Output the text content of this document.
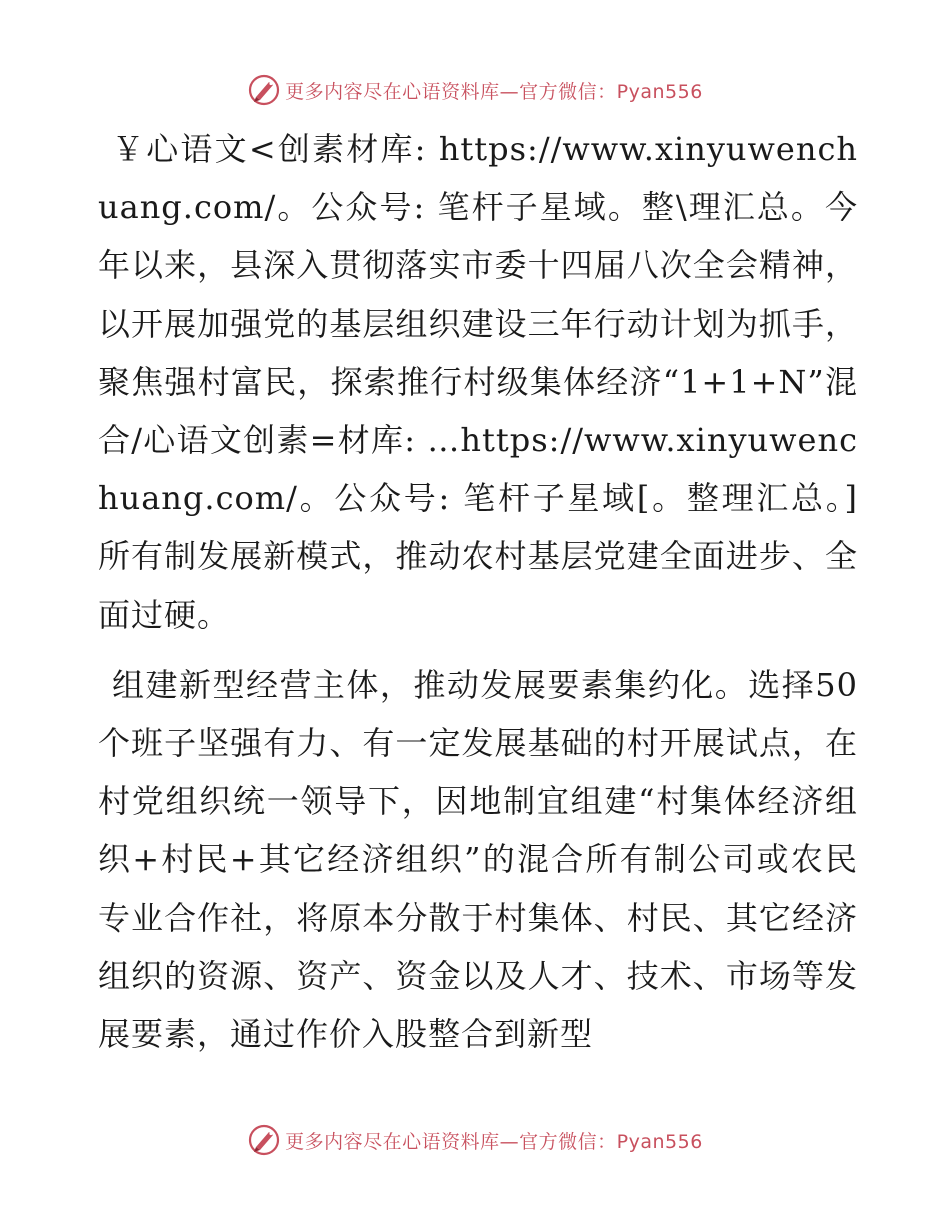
更多内容尽在心语资料库—官方微信：Pyan556

￥心语文<创素材库: https://www.xinyuwenchuang.com/。公众号: 笔杆子星域。整\理汇总。今年以来，县深入贯彻落实市委十四届八次全会精神，以开展加强党的基层组织建设三年行动计划为抓手，聚焦强村富民，探索推行村级集体经济“1+1+N”混合/心语文创素=材库: …https://www.xinyuwenchuang.com/。公众号: 笔杆子星域[。整理汇总。]所有制发展新模式，推动农村基层党建全面进步、全面过硬。

组建新型经营主体，推动发展要素集约化。选择50个班子坚强有力、有一定发展基础的村开展试点，在村党组织统一领导下，因地制宜组建“村集体经济组织+村民+其它经济组织”的混合所有制公司或农民专业合作社，将原本分散于村集体、村民、其它经济组织的资源、资产、资金以及人才、技术、市场等发展要素，通过作价入股整合到新型

更多内容尽在心语资料库—官方微信：Pyan556
